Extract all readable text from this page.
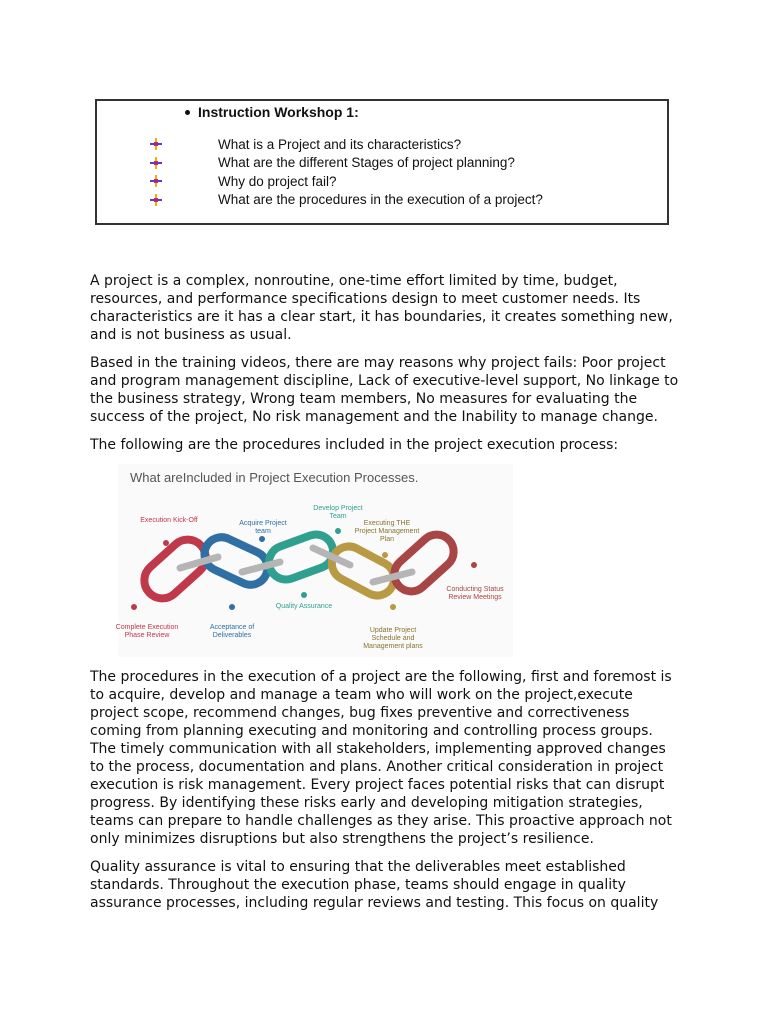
Instruction Workshop 1:
What is a Project and its characteristics?
What are the different Stages of project planning?
Why do project fail?
What are the procedures in the execution of a project?

A project is a complex, nonroutine, one-time effort limited by time, budget, resources, and performance specifications design to meet customer needs. Its characteristics are it has a clear start, it has boundaries, it creates something new, and is not business as usual.

Based in the training videos, there are may reasons why project fails: Poor project and program management discipline, Lack of executive-level support, No linkage to the business strategy, Wrong team members, No measures for evaluating the success of the project, No risk management and the Inability to manage change.

The following are the procedures included in the project execution process:

What areIncluded in Project Execution Processes.
Execution Kick-Off	Acquire Project team
Develop Project Team
Executing THE Project Management Plan
Conducting Status Review Meetings
Complete Execution Phase Review
Acceptance of Deliverables
Quality Assurance
Update Project Schedule and Management plans

The procedures in the execution of a project are the following, first and foremost is to acquire, develop and manage a team who will work on the project,execute project scope, recommend changes, bug fixes preventive and correctiveness coming from planning executing and monitoring and controlling process groups. The timely communication with all stakeholders, implementing approved changes to the process, documentation and plans. Another critical consideration in project execution is risk management. Every project faces potential risks that can disrupt progress. By identifying these risks early and developing mitigation strategies, teams can prepare to handle challenges as they arise. This proactive approach not only minimizes disruptions but also strengthens the project’s resilience.

Quality assurance is vital to ensuring that the deliverables meet established standards. Throughout the execution phase, teams should engage in quality assurance processes, including regular reviews and testing. This focus on quality
